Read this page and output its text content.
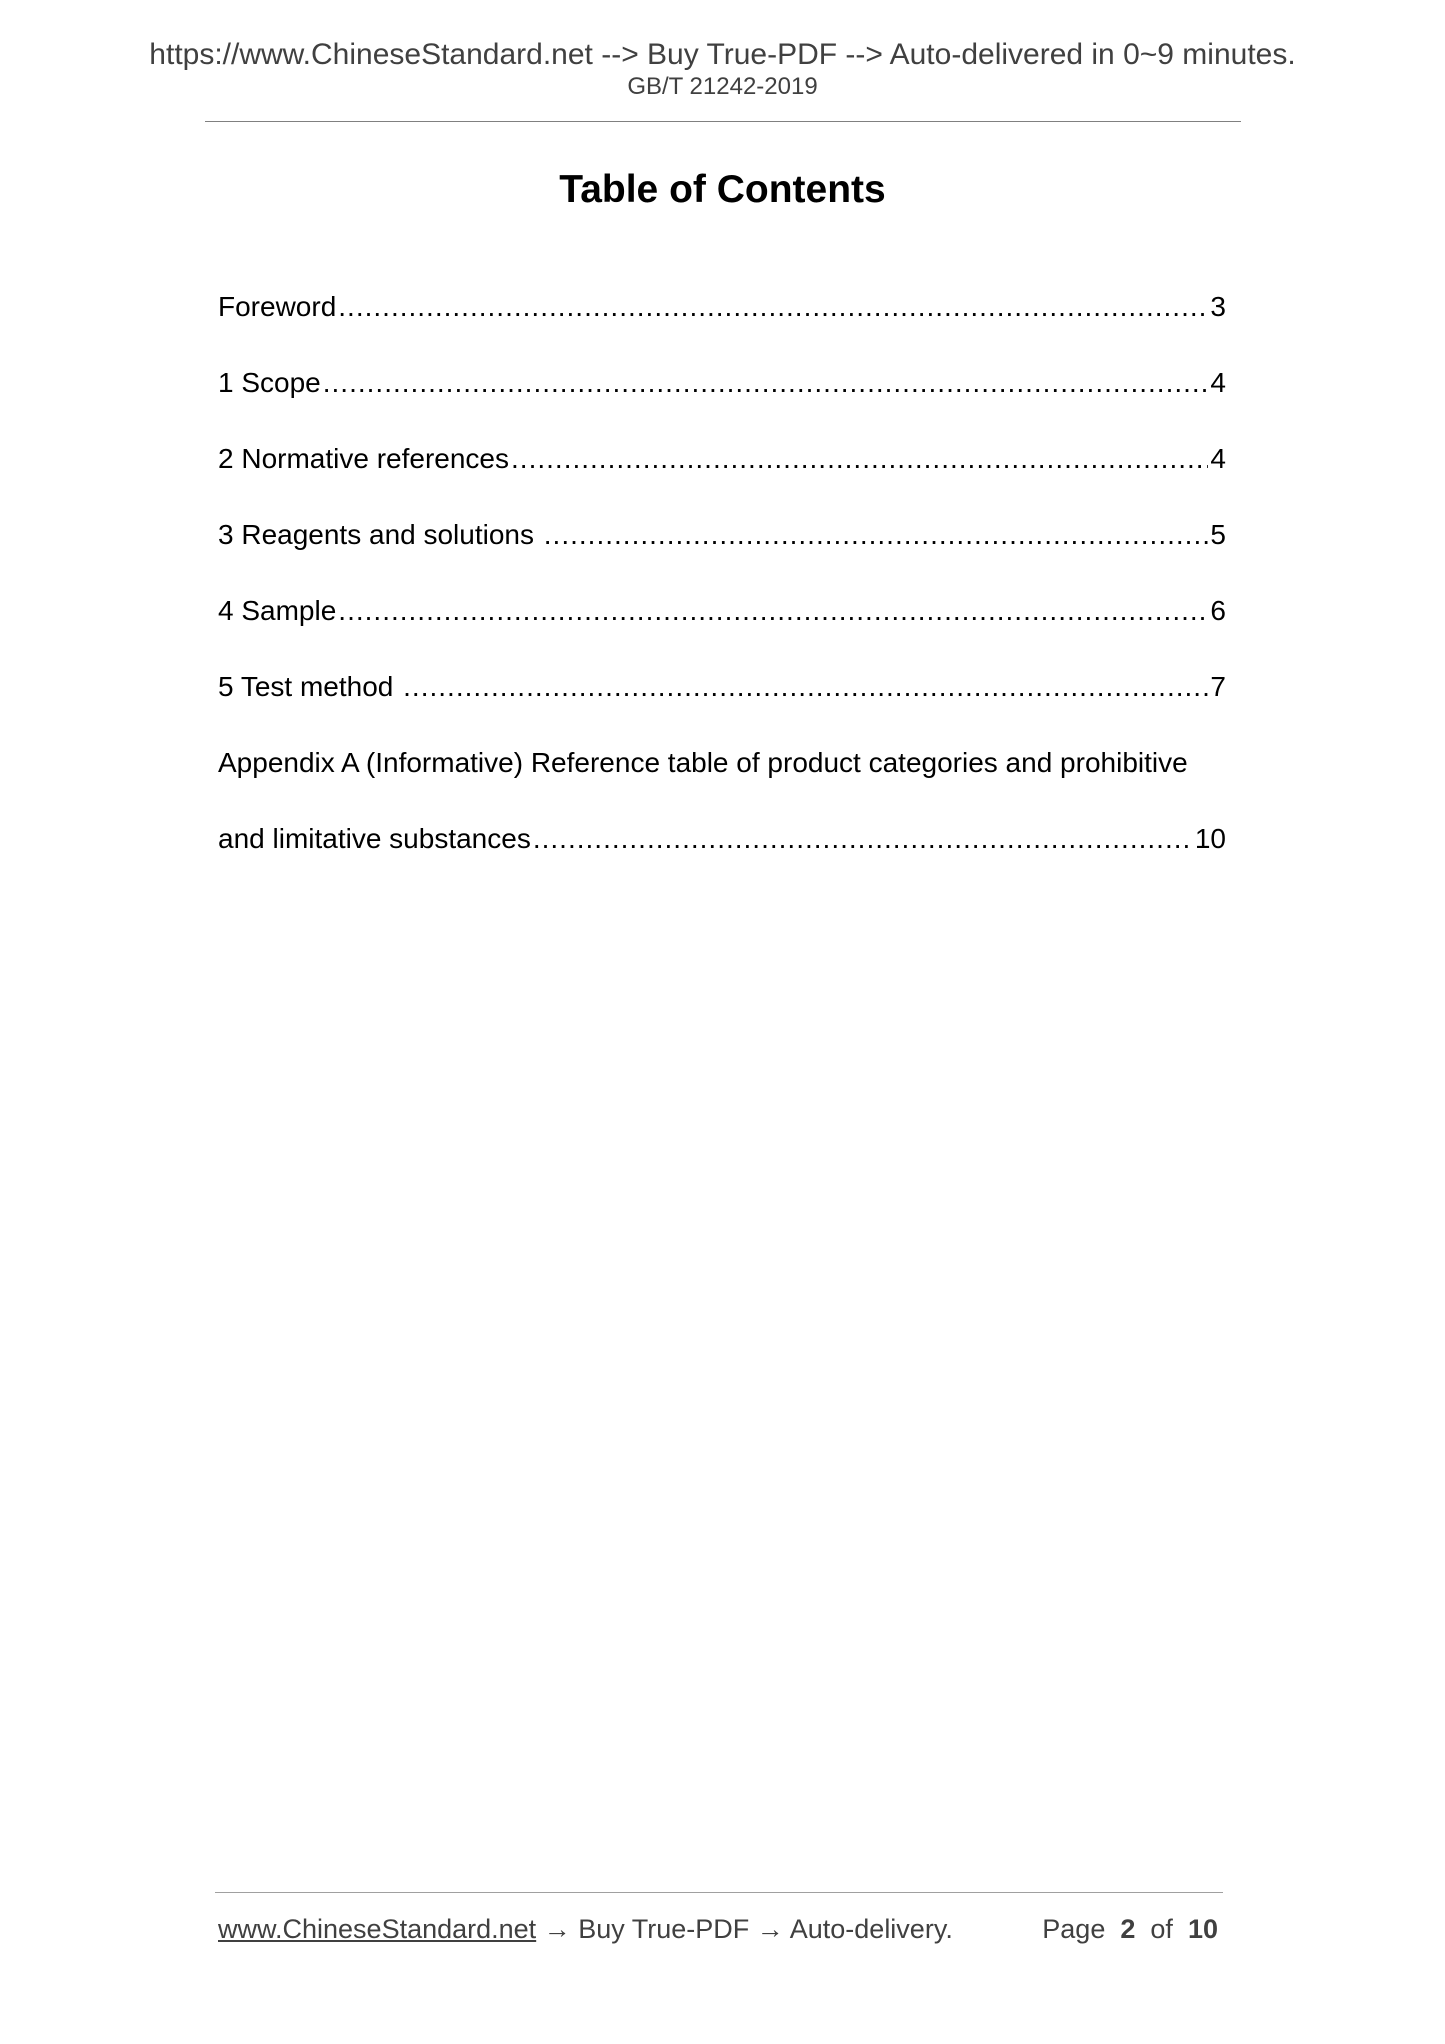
https://www.ChineseStandard.net --> Buy True-PDF --> Auto-delivered in 0~9 minutes.
GB/T 21242-2019
Table of Contents
Foreword .....	3
1 Scope .....	4
2 Normative references .....	4
3 Reagents and solutions .....	5
4 Sample .....	6
5 Test method .....	7
Appendix A (Informative) Reference table of product categories and prohibitive
and limitative substances .....	10
www.ChineseStandard.net → Buy True-PDF → Auto-delivery.	Page 2 of 10
